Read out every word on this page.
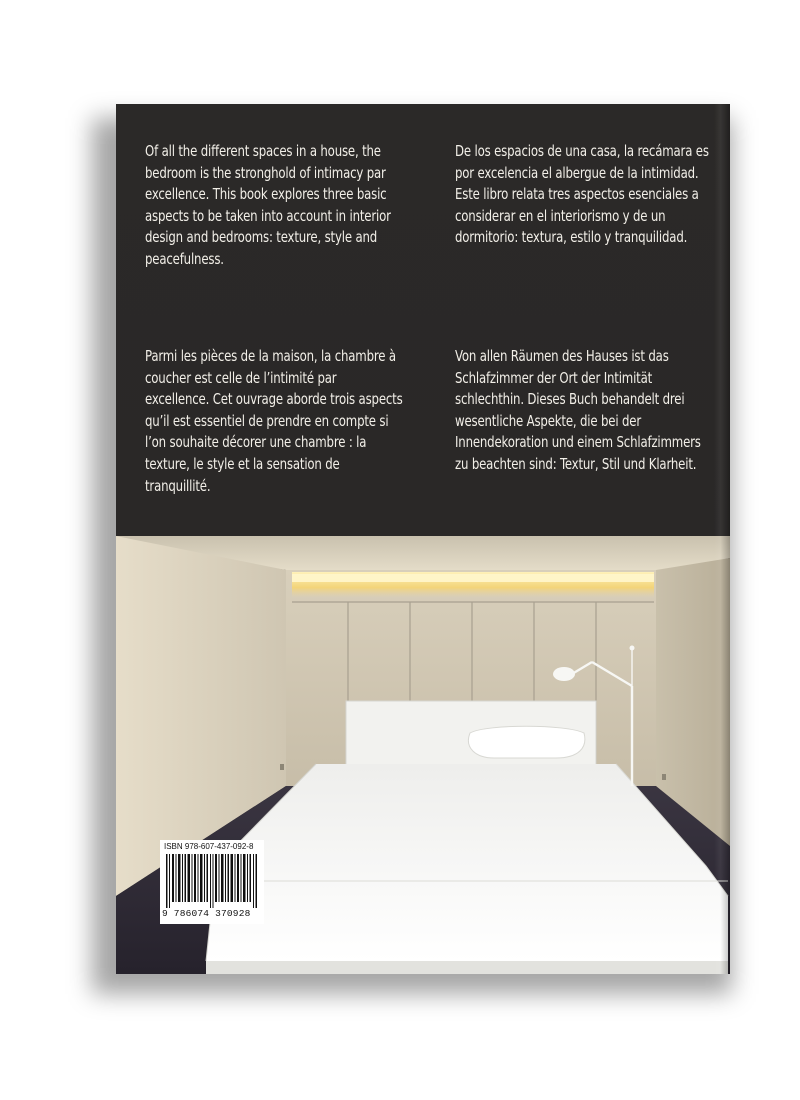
Of all the different spaces in a house, the bedroom is the stronghold of intimacy par excellence. This book explores three basic aspects to be taken into account in interior design and bedrooms: texture, style and peacefulness.
De los espacios de una casa, la recámara es por excelencia el albergue de la intimidad. Este libro relata tres aspectos esenciales a considerar en el interiorismo y de un dormitorio: textura, estilo y tranquilidad.
Parmi les pièces de la maison, la chambre à coucher est celle de l’intimité par excellence. Cet ouvrage aborde trois aspects qu’il est essentiel de prendre en compte si l’on souhaite décorer une chambre : la texture, le style et la sensation de tranquillité.
Von allen Räumen des Hauses ist das Schlafzimmer der Ort der Intimität schlechthin. Dieses Buch behandelt drei wesentliche Aspekte, die bei der Innendekoration und einem Schlafzimmers zu beachten sind: Textur, Stil und Klarheit.
ISBN 978-607-437-092-8
9 786074 370928
